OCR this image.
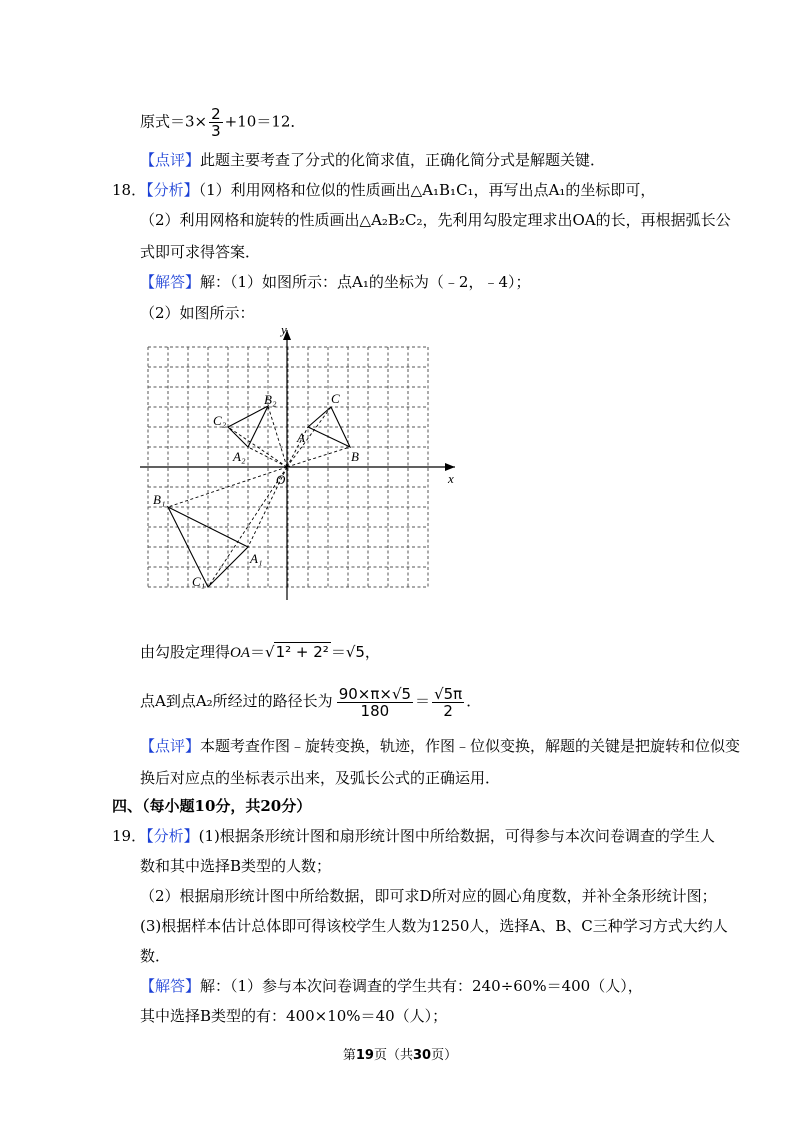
原式$=3\times \frac{2}{3} +10=12$．
【点评】此题主要考查了分式的化简求值，正确化简分式是解题关键．
18．【分析】（1）利用网格和位似的性质画出△A₁B₁C₁，再写出点A₁的坐标即可，
（2）利用网格和旋转的性质画出△A₂B₂C₂，先利用勾股定理求出OA的长，再根据弧长公
式即可求得答案．
【解答】解：（1）如图所示：点A₁的坐标为（﹣2，﹣4）；
（2）如图所示：
y
x
O
A
C
B
A₂
B₂
C₂
A₁
B₁
C₁
由勾股定理得OA＝√1² + 2² ＝√5，
点A到点A₂所经过的路径长为 $\frac{90\times\pi\times√5}{180} = \frac{√5\pi}{2}$ ．
【点评】本题考查作图﹣旋转变换，轨迹，作图﹣位似变换，解题的关键是把旋转和位似变
换后对应点的坐标表示出来，及弧长公式的正确运用．
四、（每小题10分，共20分）
19．【分析】(1)根据条形统计图和扇形统计图中所给数据，可得参与本次问卷调查的学生人
数和其中选择B类型的人数；
（2）根据扇形统计图中所给数据，即可求D所对应的圆心角度数，并补全条形统计图；
(3)根据样本估计总体即可得该校学生人数为1250人，选择A、B、C三种学习方式大约人
数．
【解答】解：（1）参与本次问卷调查的学生共有：240÷60%＝400（人），
其中选择B类型的有：400×10%＝40（人）；
第19页（共30页）
